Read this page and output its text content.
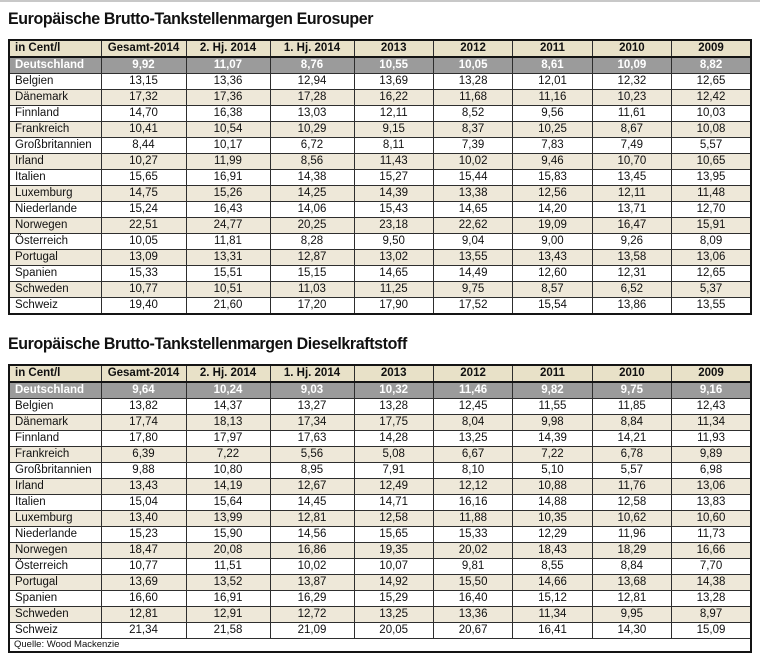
Europäische Brutto-Tankstellenmargen Eurosuper
in Cent/l	Gesamt-2014	2. Hj. 2014	1. Hj. 2014	2013	2012	2011	2010	2009
Deutschland	9,92	11,07	8,76	10,55	10,05	8,61	10,09	8,82
Belgien	13,15	13,36	12,94	13,69	13,28	12,01	12,32	12,65
Dänemark	17,32	17,36	17,28	16,22	11,68	11,16	10,23	12,42
Finnland	14,70	16,38	13,03	12,11	8,52	9,56	11,61	10,03
Frankreich	10,41	10,54	10,29	9,15	8,37	10,25	8,67	10,08
Großbritannien	8,44	10,17	6,72	8,11	7,39	7,83	7,49	5,57
Irland	10,27	11,99	8,56	11,43	10,02	9,46	10,70	10,65
Italien	15,65	16,91	14,38	15,27	15,44	15,83	13,45	13,95
Luxemburg	14,75	15,26	14,25	14,39	13,38	12,56	12,11	11,48
Niederlande	15,24	16,43	14,06	15,43	14,65	14,20	13,71	12,70
Norwegen	22,51	24,77	20,25	23,18	22,62	19,09	16,47	15,91
Österreich	10,05	11,81	8,28	9,50	9,04	9,00	9,26	8,09
Portugal	13,09	13,31	12,87	13,02	13,55	13,43	13,58	13,06
Spanien	15,33	15,51	15,15	14,65	14,49	12,60	12,31	12,65
Schweden	10,77	10,51	11,03	11,25	9,75	8,57	6,52	5,37
Schweiz	19,40	21,60	17,20	17,90	17,52	15,54	13,86	13,55
Europäische Brutto-Tankstellenmargen Dieselkraftstoff
in Cent/l	Gesamt-2014	2. Hj. 2014	1. Hj. 2014	2013	2012	2011	2010	2009
Deutschland	9,64	10,24	9,03	10,32	11,46	9,82	9,75	9,16
Belgien	13,82	14,37	13,27	13,28	12,45	11,55	11,85	12,43
Dänemark	17,74	18,13	17,34	17,75	8,04	9,98	8,84	11,34
Finnland	17,80	17,97	17,63	14,28	13,25	14,39	14,21	11,93
Frankreich	6,39	7,22	5,56	5,08	6,67	7,22	6,78	9,89
Großbritannien	9,88	10,80	8,95	7,91	8,10	5,10	5,57	6,98
Irland	13,43	14,19	12,67	12,49	12,12	10,88	11,76	13,06
Italien	15,04	15,64	14,45	14,71	16,16	14,88	12,58	13,83
Luxemburg	13,40	13,99	12,81	12,58	11,88	10,35	10,62	10,60
Niederlande	15,23	15,90	14,56	15,65	15,33	12,29	11,96	11,73
Norwegen	18,47	20,08	16,86	19,35	20,02	18,43	18,29	16,66
Österreich	10,77	11,51	10,02	10,07	9,81	8,55	8,84	7,70
Portugal	13,69	13,52	13,87	14,92	15,50	14,66	13,68	14,38
Spanien	16,60	16,91	16,29	15,29	16,40	15,12	12,81	13,28
Schweden	12,81	12,91	12,72	13,25	13,36	11,34	9,95	8,97
Schweiz	21,34	21,58	21,09	20,05	20,67	16,41	14,30	15,09
Quelle: Wood Mackenzie								
